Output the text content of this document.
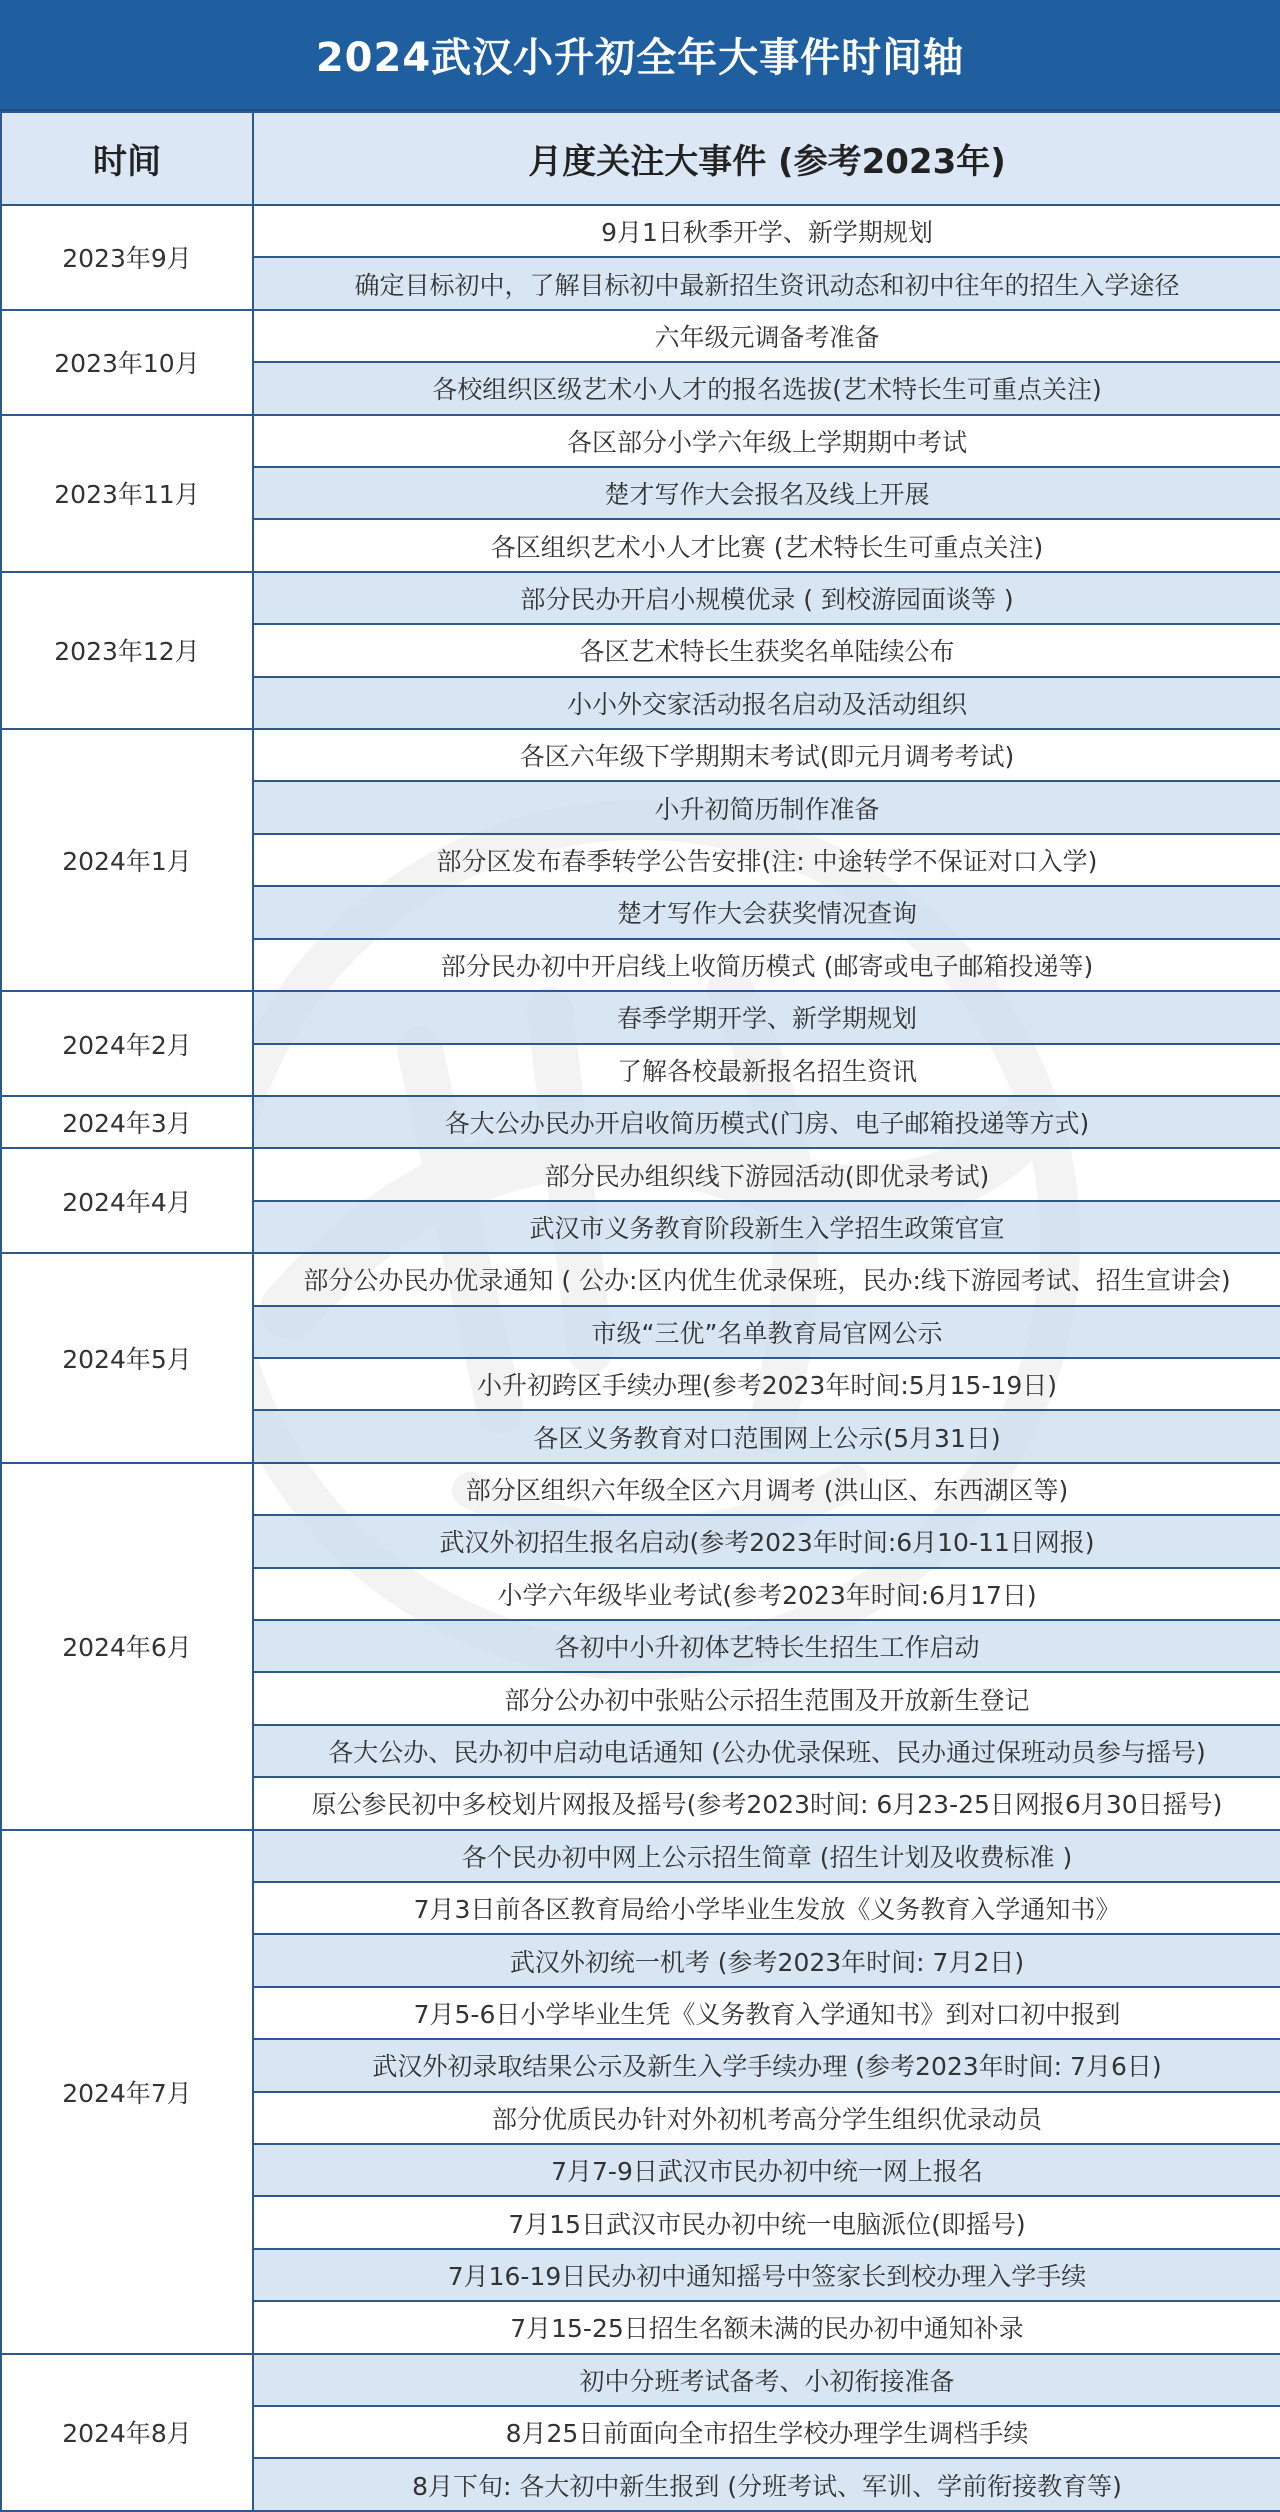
2024武汉小升初全年大事件时间轴
时间	月度关注大事件 (参考2023年)
2023年9月	9月1日秋季开学、新学期规划
	确定目标初中，了解目标初中最新招生资讯动态和初中往年的招生入学途径
2023年10月	六年级元调备考准备
	各校组织区级艺术小人才的报名选拔(艺术特长生可重点关注)
2023年11月	各区部分小学六年级上学期期中考试
	楚才写作大会报名及线上开展
	各区组织艺术小人才比赛 (艺术特长生可重点关注)
2023年12月	部分民办开启小规模优录 ( 到校游园面谈等 )
	各区艺术特长生获奖名单陆续公布
	小小外交家活动报名启动及活动组织
2024年1月	各区六年级下学期期末考试(即元月调考考试)
	小升初简历制作准备
	部分区发布春季转学公告安排(注: 中途转学不保证对口入学)
	楚才写作大会获奖情况查询
	部分民办初中开启线上收简历模式 (邮寄或电子邮箱投递等)
2024年2月	春季学期开学、新学期规划
	了解各校最新报名招生资讯
2024年3月	各大公办民办开启收简历模式(门房、电子邮箱投递等方式)
2024年4月	部分民办组织线下游园活动(即优录考试)
	武汉市义务教育阶段新生入学招生政策官宣
2024年5月	部分公办民办优录通知 ( 公办:区内优生优录保班，民办:线下游园考试、招生宣讲会)
	市级“三优”名单教育局官网公示
	小升初跨区手续办理(参考2023年时间:5月15-19日)
	各区义务教育对口范围网上公示(5月31日)
2024年6月	部分区组织六年级全区六月调考 (洪山区、东西湖区等)
	武汉外初招生报名启动(参考2023年时间:6月10-11日网报)
	小学六年级毕业考试(参考2023年时间:6月17日)
	各初中小升初体艺特长生招生工作启动
	部分公办初中张贴公示招生范围及开放新生登记
	各大公办、民办初中启动电话通知 (公办优录保班、民办通过保班动员参与摇号)
	原公参民初中多校划片网报及摇号(参考2023时间: 6月23-25日网报6月30日摇号)
2024年7月	各个民办初中网上公示招生简章 (招生计划及收费标准 )
	7月3日前各区教育局给小学毕业生发放《义务教育入学通知书》
	武汉外初统一机考 (参考2023年时间: 7月2日)
	7月5-6日小学毕业生凭《义务教育入学通知书》到对口初中报到
	武汉外初录取结果公示及新生入学手续办理 (参考2023年时间: 7月6日)
	部分优质民办针对外初机考高分学生组织优录动员
	7月7-9日武汉市民办初中统一网上报名
	7月15日武汉市民办初中统一电脑派位(即摇号)
	7月16-19日民办初中通知摇号中签家长到校办理入学手续
	7月15-25日招生名额未满的民办初中通知补录
2024年8月	初中分班考试备考、小初衔接准备
	8月25日前面向全市招生学校办理学生调档手续
	8月下旬: 各大初中新生报到 (分班考试、军训、学前衔接教育等)
